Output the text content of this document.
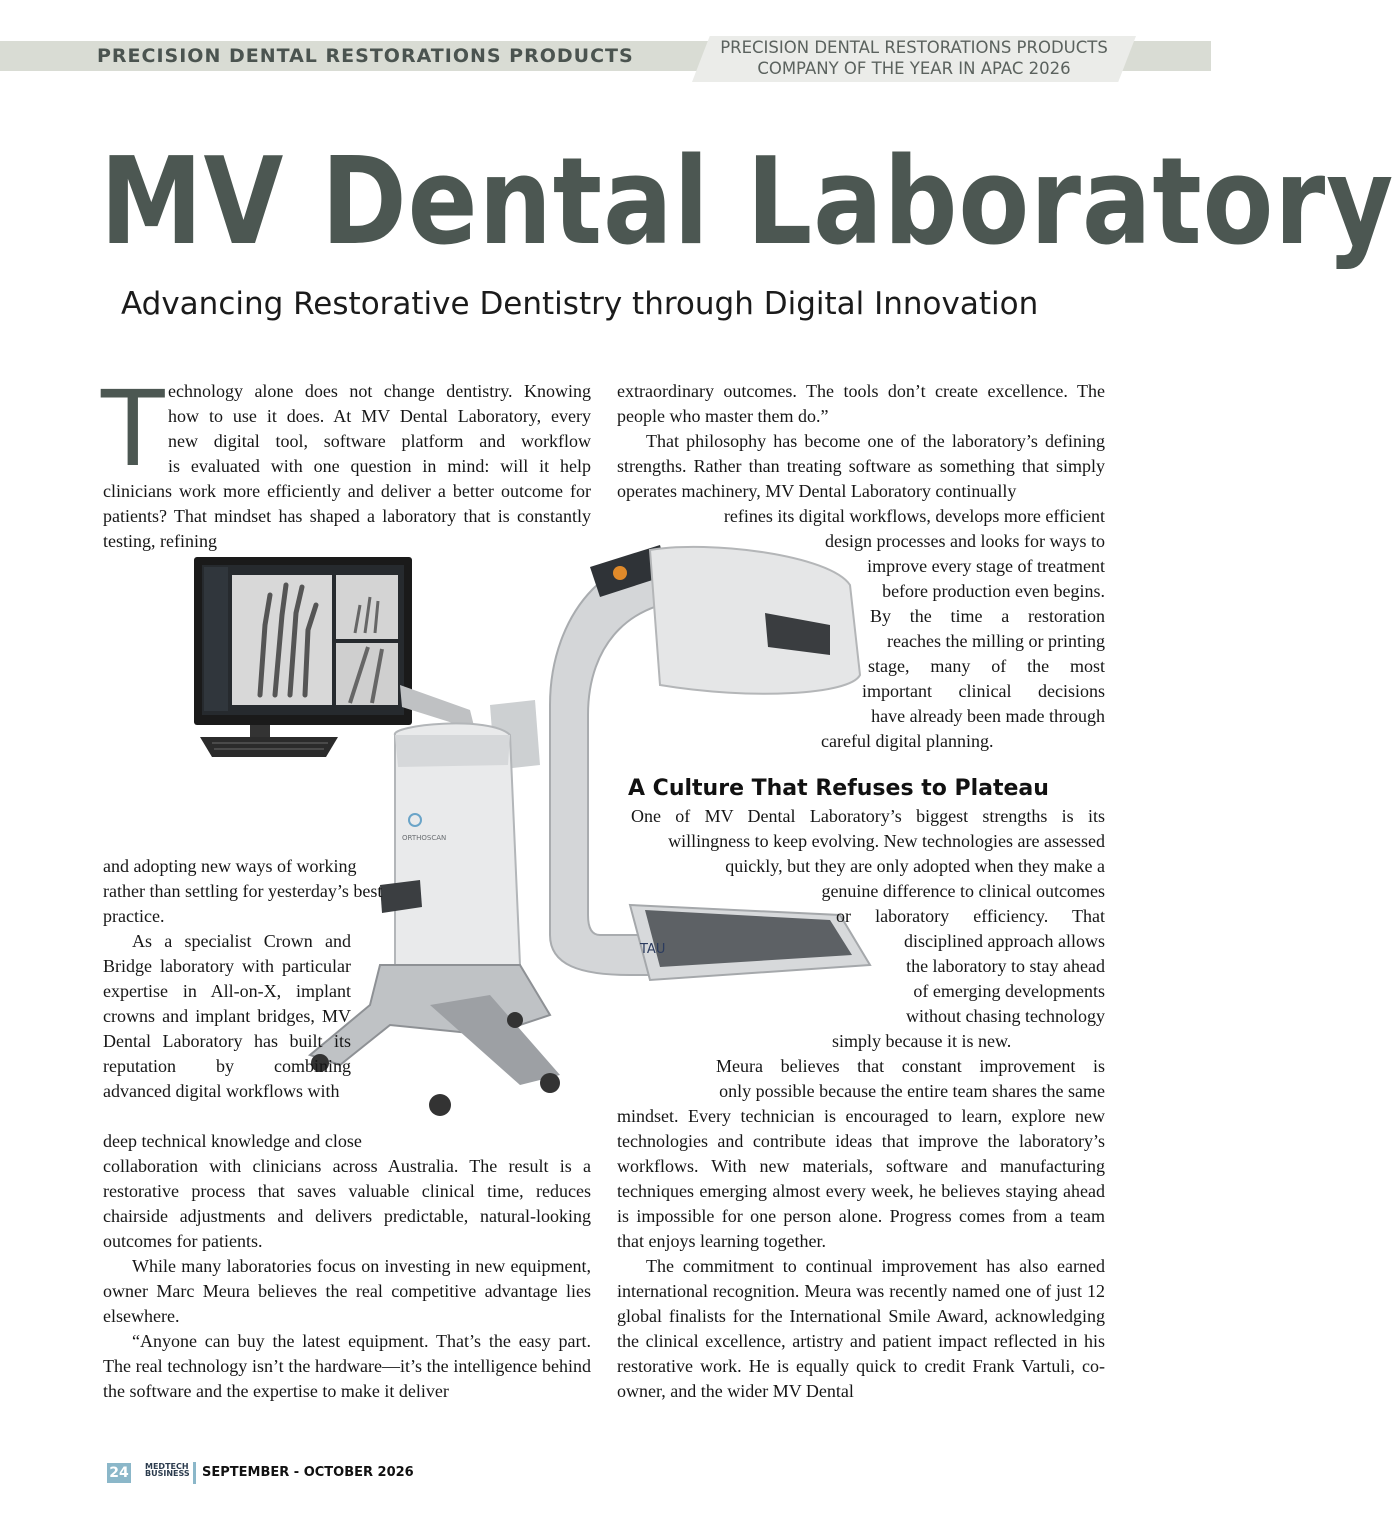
PRECISION DENTAL RESTORATIONS PRODUCTS	PRECISION DENTAL RESTORATIONS PRODUCTS
COMPANY OF THE YEAR IN APAC 2026
MV Dental Laboratory
Advancing Restorative Dentistry through Digital Innovation
TAU
ORTHOSCAN
T echnology alone does not change dentistry. Knowing
how to use it does. At MV Dental Laboratory, every
new digital tool, software platform and workflow
is evaluated with one question in mind: will it help

clinicians work more efficiently and deliver a better outcome for patients? That mindset has shaped a laboratory that is constantly testing, refining

and adopting new ways of working rather than settling for yesterday’s best practice.

As a specialist Crown and Bridge laboratory with particular expertise in All-on-X, implant crowns and implant bridges, MV Dental Laboratory has built its reputation by combining advanced digital workflows with

deep technical knowledge and close

collaboration with clinicians across Australia. The result is a restorative process that saves valuable clinical time, reduces chairside adjustments and delivers predictable, natural-looking outcomes for patients.

While many laboratories focus on investing in new equipment, owner Marc Meura believes the real competitive advantage lies elsewhere.

“Anyone can buy the latest equipment. That’s the easy part. The real technology isn’t the hardware—it’s the intelligence behind the software and the expertise to make it deliver

extraordinary outcomes. The tools don’t create excellence. The people who master them do.”

That philosophy has become one of the laboratory’s defining strengths. Rather than treating software as something that simply operates machinery, MV Dental Laboratory continually

refines its digital workflows, develops more efficient
design processes and looks for ways to
improve every stage of treatment
before production even begins.
By the time a restoration
reaches the milling or printing
stage, many of the most
important clinical decisions
have already been made through
careful digital planning.
A Culture That Refuses to Plateau
One of MV Dental Laboratory’s biggest strengths is its
willingness to keep evolving. New technologies are assessed
quickly, but they are only adopted when they make a
genuine difference to clinical outcomes
or laboratory efficiency. That
disciplined approach allows
the laboratory to stay ahead
of emerging developments
without chasing technology
simply because it is new.
Meura believes that constant improvement is
only possible because the entire team shares the same

mindset. Every technician is encouraged to learn, explore new technologies and contribute ideas that improve the laboratory’s workflows. With new materials, software and manufacturing techniques emerging almost every week, he believes staying ahead is impossible for one person alone. Progress comes from a team that enjoys learning together.

The commitment to continual improvement has also earned international recognition. Meura was recently named one of just 12 global finalists for the International Smile Award, acknowledging the clinical excellence, artistry and patient impact reflected in his restorative work. He is equally quick to credit Frank Vartuli, co-owner, and the wider MV Dental

24 MEDTECH
BUSINESS SEPTEMBER - OCTOBER 2026
